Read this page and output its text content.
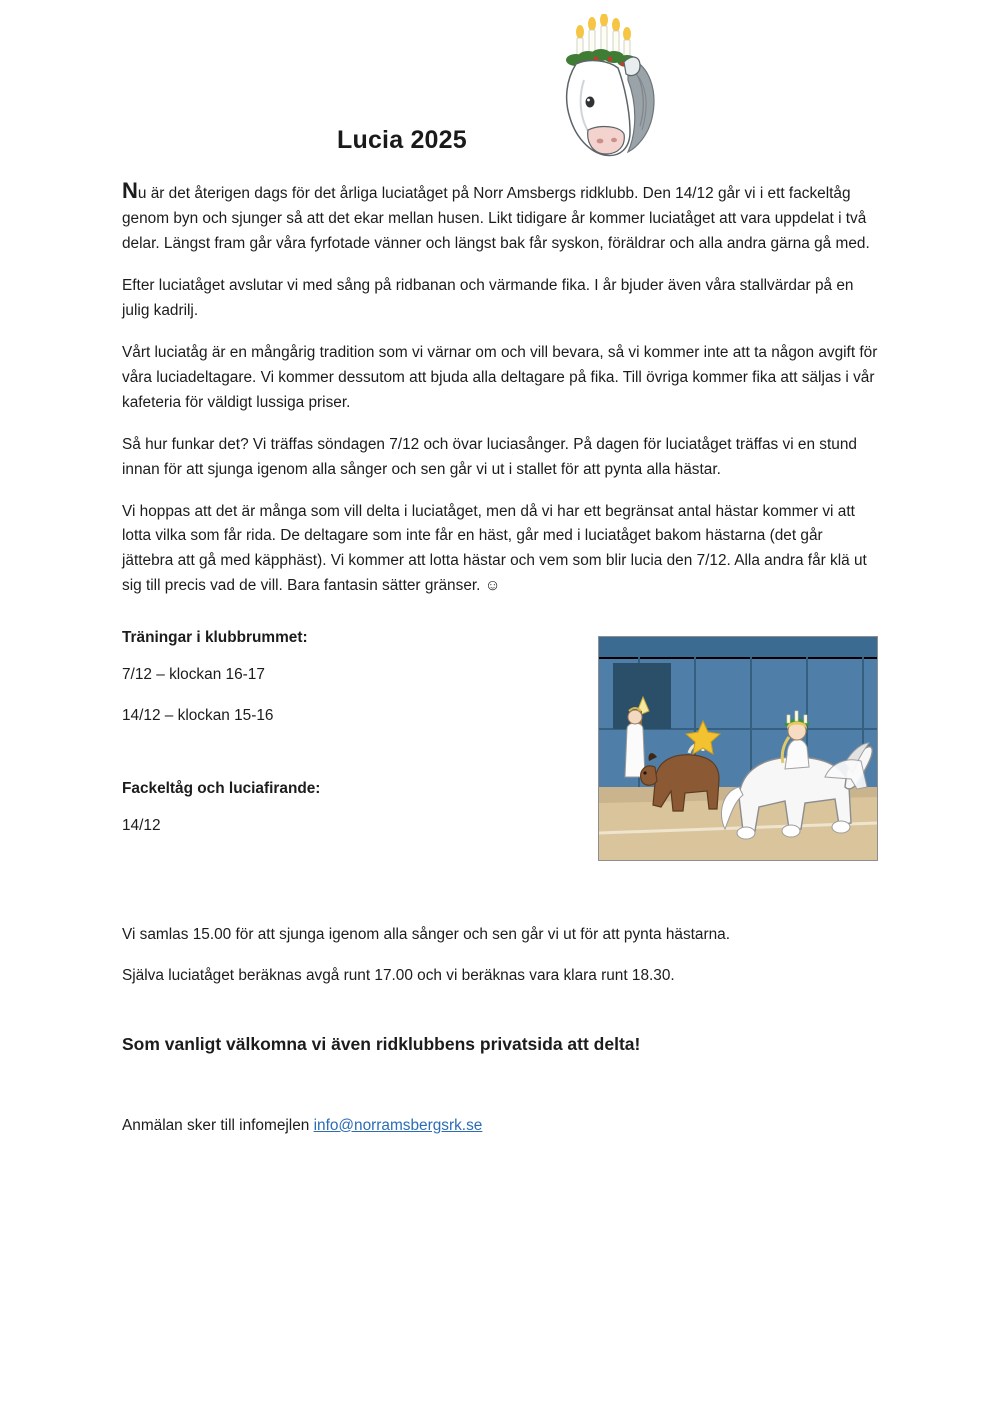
Lucia 2025

Nu är det återigen dags för det årliga luciatåget på Norr Amsbergs ridklubb. Den 14/12 går vi i ett fackeltåg genom byn och sjunger så att det ekar mellan husen. Likt tidigare år kommer luciatåget att vara uppdelat i två delar. Längst fram går våra fyrfotade vänner och längst bak får syskon, föräldrar och alla andra gärna gå med.

Efter luciatåget avslutar vi med sång på ridbanan och värmande fika. I år bjuder även våra stallvärdar på en julig kadrilj.

Vårt luciatåg är en mångårig tradition som vi värnar om och vill bevara, så vi kommer inte att ta någon avgift för våra luciadeltagare. Vi kommer dessutom att bjuda alla deltagare på fika. Till övriga kommer fika att säljas i vår kafeteria för väldigt lussiga priser.

Så hur funkar det? Vi träffas söndagen 7/12 och övar luciasånger. På dagen för luciatåget träffas vi en stund innan för att sjunga igenom alla sånger och sen går vi ut i stallet för att pynta alla hästar.

Vi hoppas att det är många som vill delta i luciatåget, men då vi har ett begränsat antal hästar kommer vi att lotta vilka som får rida. De deltagare som inte får en häst, går med i luciatåget bakom hästarna (det går jättebra att gå med käpphäst). Vi kommer att lotta hästar och vem som blir lucia den 7/12. Alla andra får klä ut sig till precis vad de vill. Bara fantasin sätter gränser. ☺

Träningar i klubbrummet:

7/12 – klockan 16-17

14/12 – klockan 15-16

Fackeltåg och luciafirande:

14/12

Vi samlas 15.00 för att sjunga igenom alla sånger och sen går vi ut för att pynta hästarna.

Själva luciatåget beräknas avgå runt 17.00 och vi beräknas vara klara runt 18.30.

Som vanligt välkomna vi även ridklubbens privatsida att delta!

Anmälan sker till infomejlen info@norramsbergsrk.se
